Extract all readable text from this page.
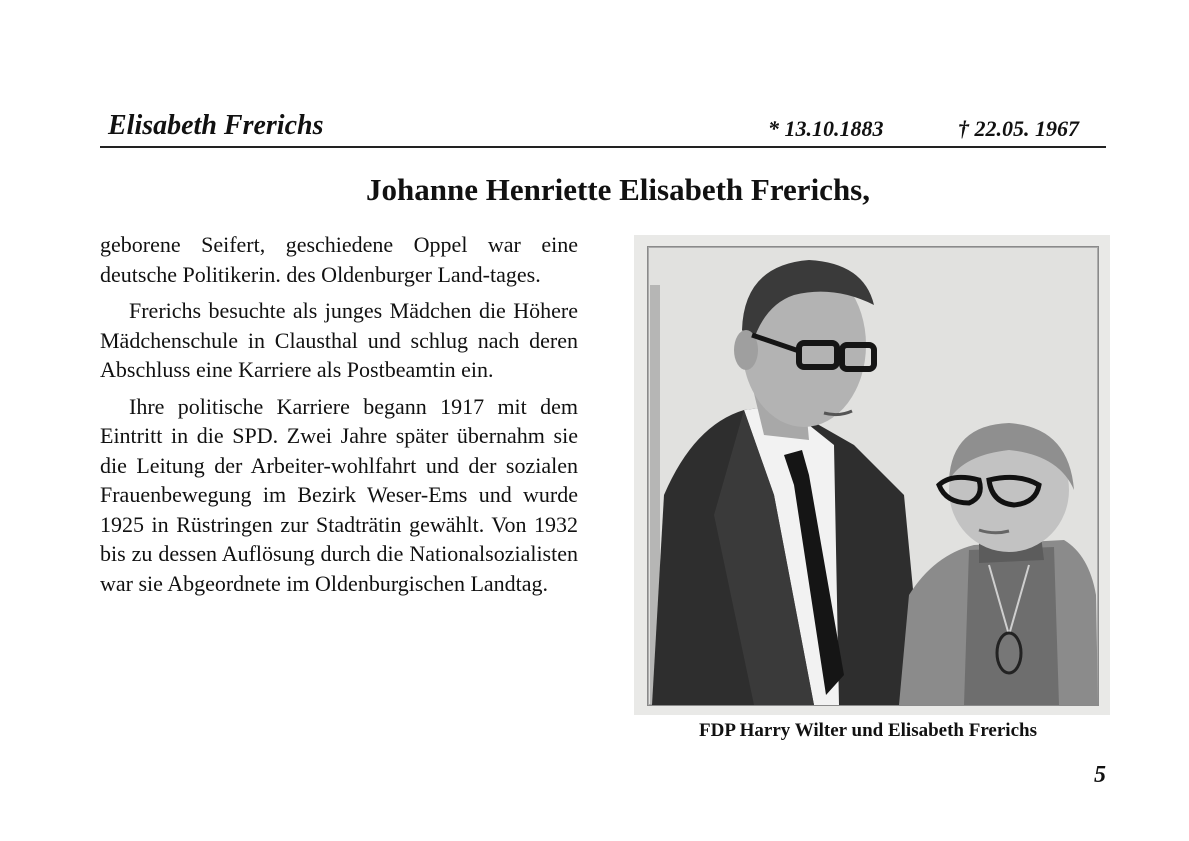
Elisabeth Frerichs	* 13.10.1883	† 22.05. 1967
Johanne Henriette Elisabeth Frerichs,

geborene Seifert, geschiedene Oppel war eine deutsche Politikerin. des Oldenburger Land-tages.

Frerichs besuchte als junges Mädchen die Höhere Mädchenschule in Clausthal und schlug nach deren Abschluss eine Karriere als Postbeamtin ein.

Ihre politische Karriere begann 1917 mit dem Eintritt in die SPD. Zwei Jahre später übernahm sie die Leitung der Arbeiter-wohlfahrt und der sozialen Frauenbewegung im Bezirk Weser-Ems und wurde 1925 in Rüstringen zur Stadträtin gewählt. Von 1932 bis zu dessen Auflösung durch die Nationalsozialisten war sie Abgeordnete im Oldenburgischen Landtag.

FDP Harry Wilter und Elisabeth Frerichs
5
